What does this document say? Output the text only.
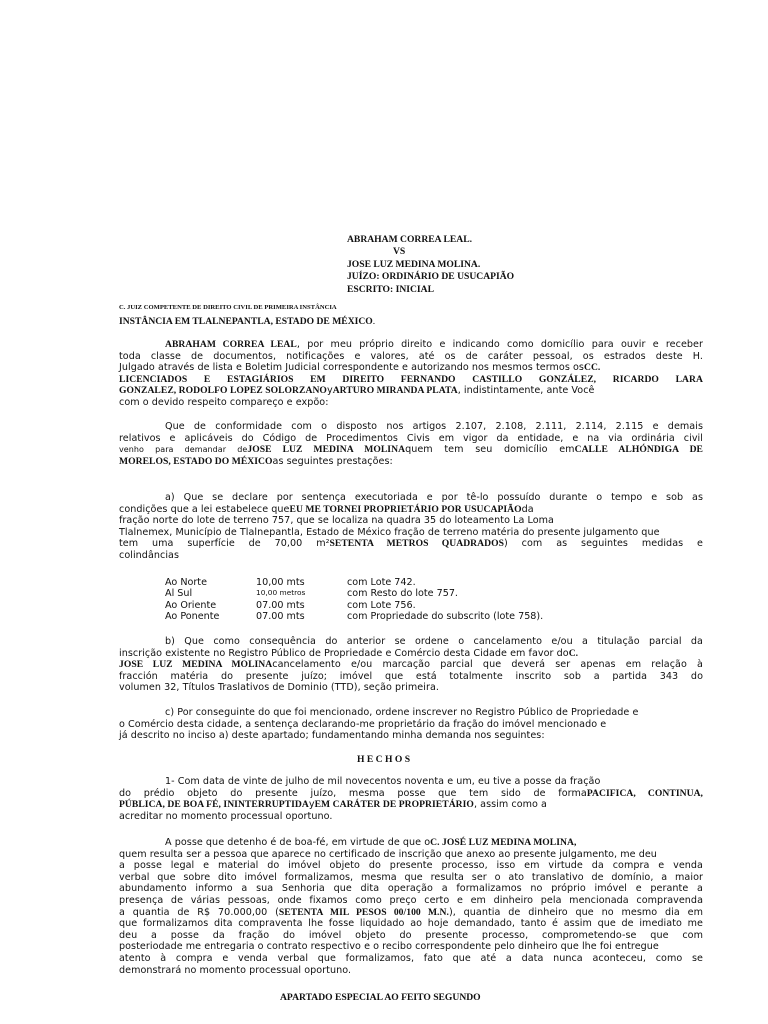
ABRAHAM CORREA LEAL.
VS
JOSE LUZ MEDINA MOLINA.
JUÍZO: ORDINÁRIO DE USUCAPIÃO
ESCRITO: INICIAL
C. JUIZ COMPETENTE DE DIREITO CIVIL DE PRIMEIRA INSTÂNCIA
INSTÂNCIA EM TLALNEPANTLA, ESTADO DE MÉXICO.
ABRAHAM CORREA LEAL, por meu próprio direito e indicando como domicílio para ouvir e receber
toda classe de documentos, notificações e valores, até os de caráter pessoal, os estrados deste H.
Julgado através de lista e Boletim Judicial correspondente e autorizando nos mesmos termos osCC.
LICENCIADOS E ESTAGIÁRIOS EM DIREITO FERNANDO CASTILLO GONZÁLEZ, RICARDO LARA
GONZALEZ, RODOLFO LOPEZ SOLORZANOyARTURO MIRANDA PLATA, indistintamente, ante Você
com o devido respeito compareço e expõo:
Que de conformidade com o disposto nos artigos 2.107, 2.108, 2.111, 2.114, 2.115 e demais
relativos e aplicáveis do Código de Procedimentos Civis em vigor da entidade, e na via ordinária civil
venho para demandar deJOSE LUZ MEDINA MOLINAquem tem seu domicílio emCALLE ALHÓNDIGA DE
MORELOS, ESTADO DO MÉXICOas seguintes prestações:
a) Que se declare por sentença executoriada e por tê-lo possuído durante o tempo e sob as
condições que a lei estabelece queEU ME TORNEI PROPRIETÁRIO POR USUCAPIÃOda
fração norte do lote de terreno 757, que se localiza na quadra 35 do loteamento La Loma
Tlalnemex, Município de Tlalnepantla, Estado de México fração de terreno matéria do presente julgamento que
tem uma superfície de 70,00 m²SETENTA METROS QUADRADOS) com as seguintes medidas e
colindâncias
Ao Norte	10,00 mts	com Lote 742.
Al Sul	10,00 metros	com Resto do lote 757.
Ao Oriente	07.00 mts	com Lote 756.
Ao Ponente	07.00 mts	com Propriedade do subscrito (lote 758).
b) Que como consequência do anterior se ordene o cancelamento e/ou a titulação parcial da
inscrição existente no Registro Público de Propriedade e Comércio desta Cidade em favor doC.
JOSE LUZ MEDINA MOLINAcancelamento e/ou marcação parcial que deverá ser apenas em relação à
fracción matéria do presente juízo; imóvel que está totalmente inscrito sob a partida 343 do
volumen 32, Títulos Traslativos de Dominio (TTD), seção primeira.
c) Por conseguinte do que foi mencionado, ordene inscrever no Registro Público de Propriedade e
o Comércio desta cidade, a sentença declarando-me proprietário da fração do imóvel mencionado e
já descrito no inciso a) deste apartado; fundamentando minha demanda nos seguintes:
H E C H O S
1- Com data de vinte de julho de mil novecentos noventa e um, eu tive a posse da fração
do prédio objeto do presente juízo, mesma posse que tem sido de formaPACIFICA, CONTINUA,
PÚBLICA, DE BOA FÉ, ININTERRUPTIDAyEM CARÁTER DE PROPRIETÁRIO, assim como a
acreditar no momento processual oportuno.
A posse que detenho é de boa-fé, em virtude de que oC. JOSÉ LUZ MEDINA MOLINA,
quem resulta ser a pessoa que aparece no certificado de inscrição que anexo ao presente julgamento, me deu
a posse legal e material do imóvel objeto do presente processo, isso em virtude da compra e venda
verbal que sobre dito imóvel formalizamos, mesma que resulta ser o ato translativo de domínio, a maior
abundamento informo a sua Senhoria que dita operação a formalizamos no próprio imóvel e perante a
presença de várias pessoas, onde fixamos como preço certo e em dinheiro pela mencionada compravenda
a quantia de R$ 70.000,00 (SETENTA MIL PESOS 00/100 M.N.), quantia de dinheiro que no mesmo dia em
que formalizamos dita compraventa lhe fosse liquidado ao hoje demandado, tanto é assim que de imediato me
deu a posse da fração do imóvel objeto do presente processo, comprometendo-se que com
posteriodade me entregaria o contrato respectivo e o recibo correspondente pelo dinheiro que lhe foi entregue
atento à compra e venda verbal que formalizamos, fato que até a data nunca aconteceu, como se
demonstrará no momento processual oportuno.
APARTADO ESPECIAL AO FEITO SEGUNDO
